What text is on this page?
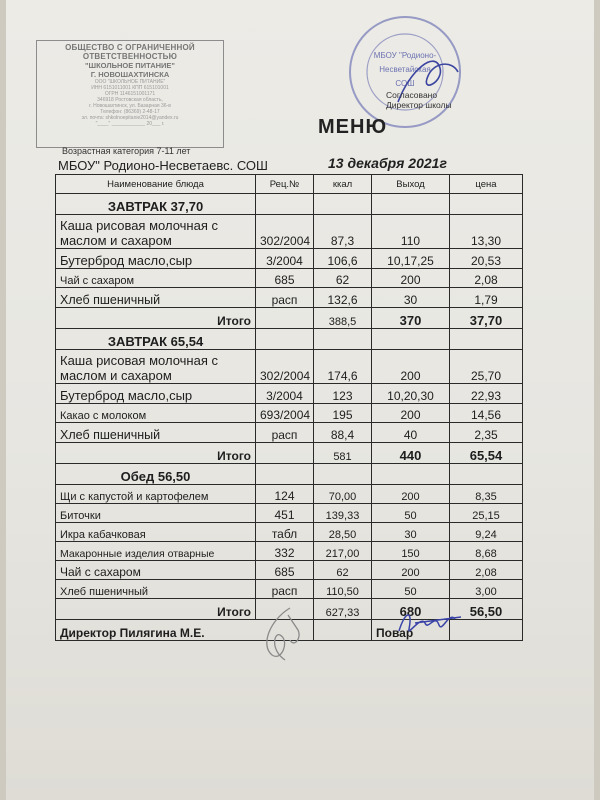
ОБЩЕСТВО С ОГРАНИЧЕННОЙ
ОТВЕТСТВЕННОСТЬЮ
"ШКОЛЬНОЕ ПИТАНИЕ"
Г. НОВОШАХТИНСКА
ООО "ШКОЛЬНОЕ ПИТАНИЕ"
ИНН 6151011001 КПП 615101001
ОГРН 1146151001171
346918 Ростовская область,
г. Новошахтинск, ул. Базарная 36-в
Телефон: (86369) 2-48-17
эл. почта: shkolnoepitanie2014@yandex.ru
"____" ____________ 20___ г.
Возрастная категория 7-11 лет
МБОУ "Родионо-
Несветайская
СОШ
Согласовано
Директор школы
МЕНЮ
МБОУ" Родионо-Несветаевс. СОШ	13 декабря 2021г
Наименование блюда	Рец.№	ккал	Выход	цена
ЗАВТРАК 37,70				

Каша рисовая молочная с
маслом и сахаром	302/2004	87,3	110	13,30
Бутерброд масло,сыр	3/2004	106,6	10,17,25	20,53
Чай с сахаром	685	62	200	2,08
Хлеб пшеничный	расп	132,6	30	1,79
Итого		388,5	370	37,70
ЗАВТРАК 65,54				

Каша рисовая молочная с
маслом и сахаром	302/2004	174,6	200	25,70
Бутерброд масло,сыр	3/2004	123	10,20,30	22,93
Какао с молоком	693/2004	195	200	14,56
Хлеб пшеничный	расп	88,4	40	2,35
Итого		581	440	65,54
Обед 56,50				
Щи с капустой и картофелем	124	70,00	200	8,35
Биточки	451	139,33	50	25,15
Икра кабачковая	табл	28,50	30	9,24
Макаронные изделия отварные	332	217,00	150	8,68
Чай с сахаром	685	62	200	2,08
Хлеб пшеничный	расп	110,50	50	3,00
Итого		627,33	680	56,50
Директор Пилягина М.Е.			Повар	
